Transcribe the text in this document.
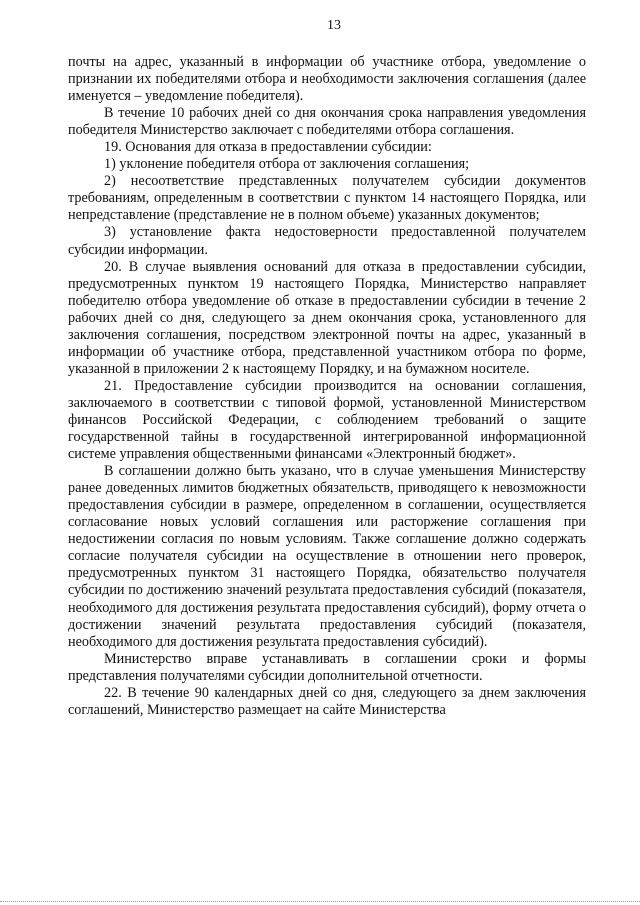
13

почты на адрес, указанный в информации об участнике отбора, уведомление о признании их победителями отбора и необходимости заключения соглашения (далее именуется – уведомление победителя).

В течение 10 рабочих дней со дня окончания срока направления уведомления победителя Министерство заключает с победителями отбора соглашения.

19. Основания для отказа в предоставлении субсидии:

1) уклонение победителя отбора от заключения соглашения;

2) несоответствие представленных получателем субсидии документов требованиям, определенным в соответствии с пунктом 14 настоящего Порядка, или непредставление (представление не в полном объеме) указанных документов;

3) установление факта недостоверности предоставленной получателем субсидии информации.

20. В случае выявления оснований для отказа в предоставлении субсидии, предусмотренных пунктом 19 настоящего Порядка, Министерство направляет победителю отбора уведомление об отказе в предоставлении субсидии в течение 2 рабочих дней со дня, следующего за днем окончания срока, установленного для заключения соглашения, посредством электронной почты на адрес, указанный в информации об участнике отбора, представленной участником отбора по форме, указанной в приложении 2 к настоящему Порядку, и на бумажном носителе.

21. Предоставление субсидии производится на основании соглашения, заключаемого в соответствии с типовой формой, установленной Министерством финансов Российской Федерации, с соблюдением требований о защите государственной тайны в государственной интегрированной информационной системе управления общественными финансами «Электронный бюджет».

В соглашении должно быть указано, что в случае уменьшения Министерству ранее доведенных лимитов бюджетных обязательств, приводящего к невозможности предоставления субсидии в размере, определенном в соглашении, осуществляется согласование новых условий соглашения или расторжение соглашения при недостижении согласия по новым условиям. Также соглашение должно содержать согласие получателя субсидии на осуществление в отношении него проверок, предусмотренных пунктом 31 настоящего Порядка, обязательство получателя субсидии по достижению значений результата предоставления субсидий (показателя, необходимого для достижения результата предоставления субсидий), форму отчета о достижении значений результата предоставления субсидий (показателя, необходимого для достижения результата предоставления субсидий).

Министерство вправе устанавливать в соглашении сроки и формы представления получателями субсидии дополнительной отчетности.

22. В течение 90 календарных дней со дня, следующего за днем заключения соглашений, Министерство размещает на сайте Министерства
